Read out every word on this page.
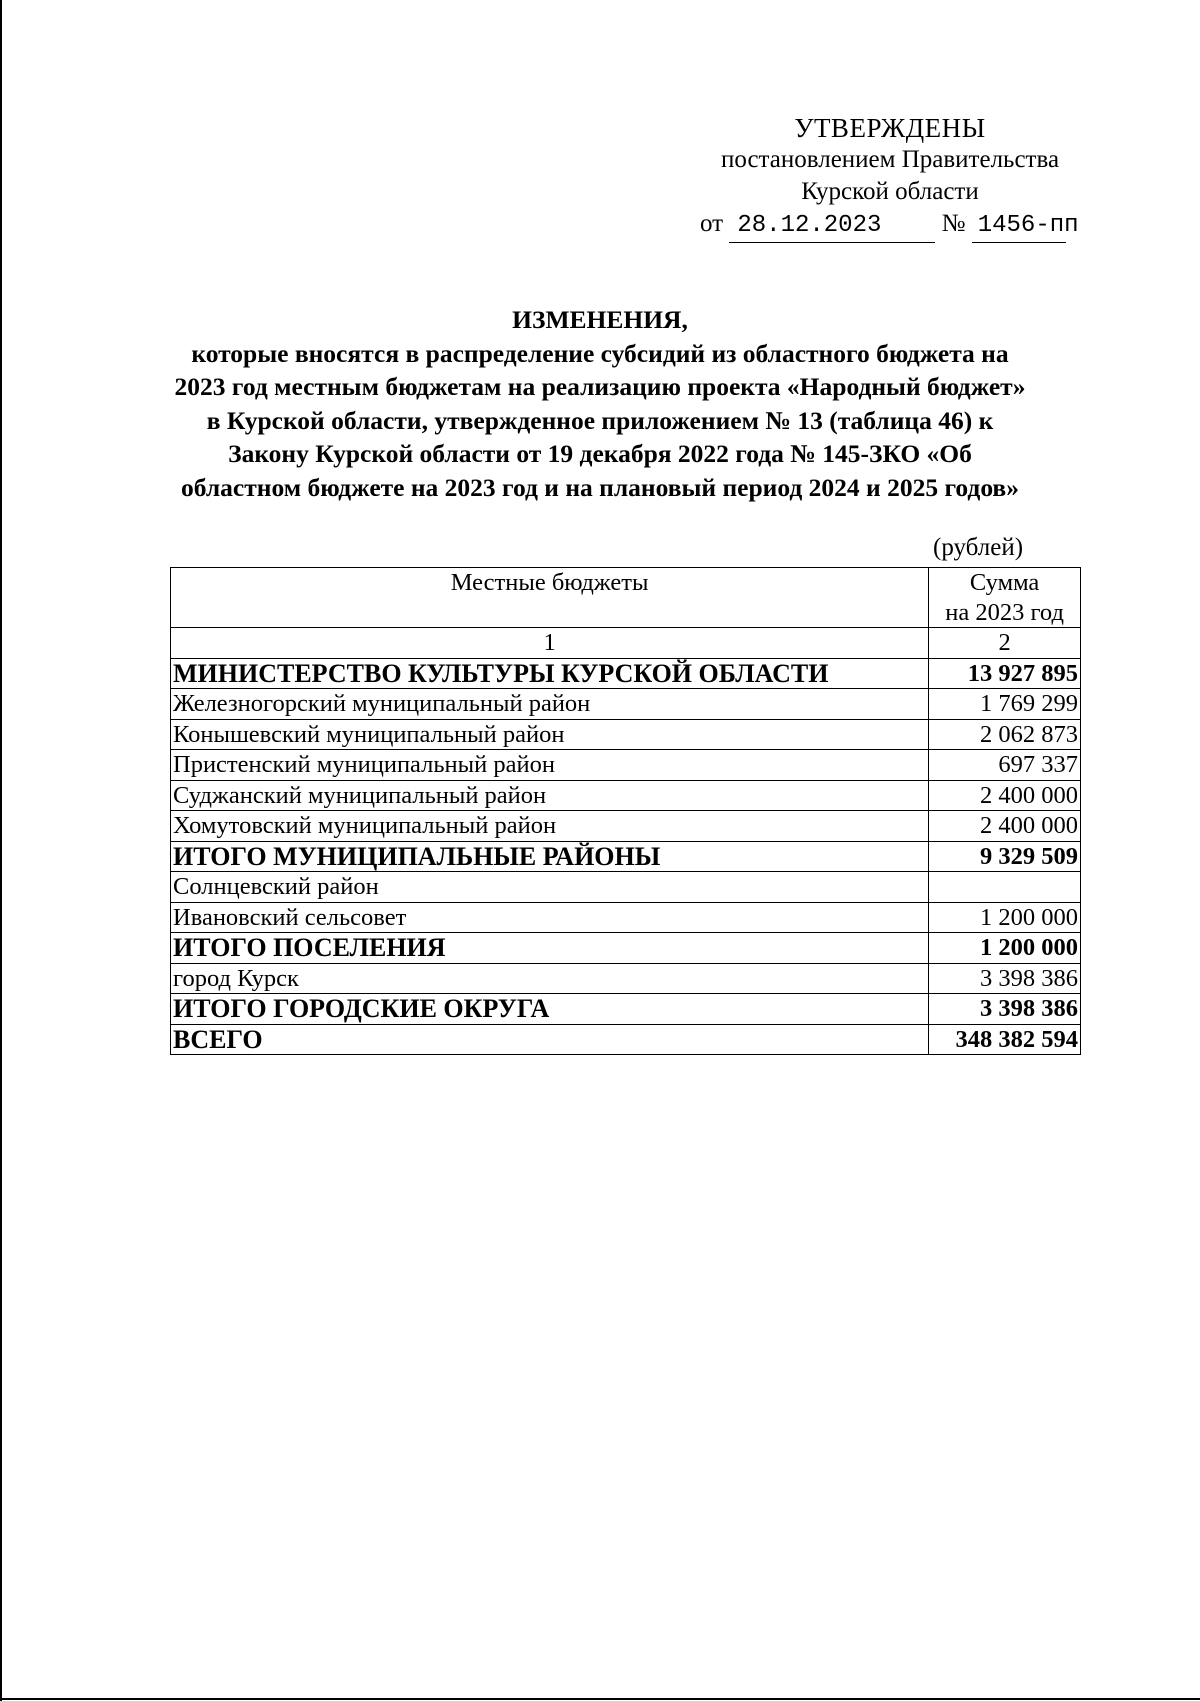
УТВЕРЖДЕНЫ
постановлением Правительства
Курской области
от 28.12.2023 № 1456-пп
ИЗМЕНЕНИЯ,
которые вносятся в распределение субсидий из областного бюджета на
2023 год местным бюджетам на реализацию проекта «Народный бюджет»
в Курской области, утвержденное приложением № 13 (таблица 46) к
Закону Курской области от 19 декабря 2022 года № 145-ЗКО «Об
областном бюджете на 2023 год и на плановый период 2024 и 2025 годов»
(рублей)
Местные бюджеты	Сумма
на 2023 год

1	2
МИНИСТЕРСТВО КУЛЬТУРЫ КУРСКОЙ ОБЛАСТИ	13 927 895
Железногорский муниципальный район	1 769 299
Конышевский муниципальный район	2 062 873
Пристенский муниципальный район	697 337
Суджанский муниципальный район	2 400 000
Хомутовский муниципальный район	2 400 000
ИТОГО МУНИЦИПАЛЬНЫЕ РАЙОНЫ	9 329 509
Солнцевский район	
Ивановский сельсовет	1 200 000
ИТОГО ПОСЕЛЕНИЯ	1 200 000
город Курск	3 398 386
ИТОГО ГОРОДСКИЕ ОКРУГА	3 398 386
ВСЕГО	348 382 594
